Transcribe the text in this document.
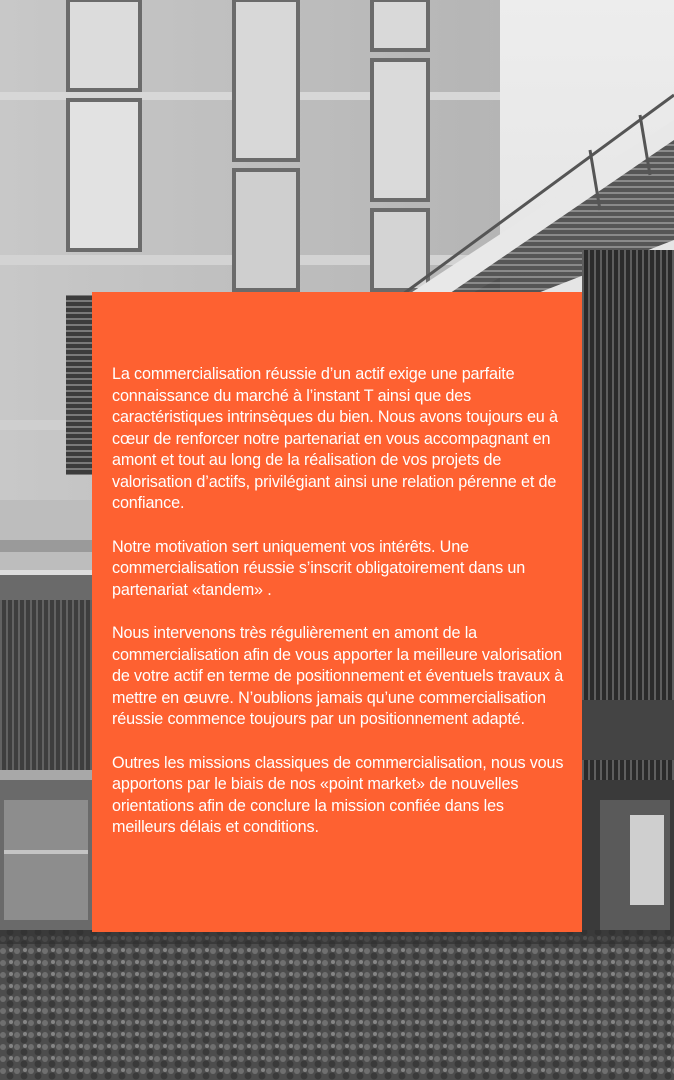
La commercialisation réussie d’un actif exige une parfaite connaissance du marché à l’instant T ainsi que des caractéristiques intrinsèques du bien. Nous avons toujours eu à cœur de renforcer notre partenariat en vous accompagnant en amont et tout au long de la réalisation de vos projets de valorisation d’actifs, privilégiant ainsi une relation pérenne et de confiance.

Notre motivation sert uniquement vos intérêts. Une commercialisation réussie s’inscrit obligatoirement dans un partenariat «tandem» .

Nous intervenons très régulièrement en amont de la commercialisation afin de vous apporter la meilleure valorisation de votre actif en terme de positionnement et éventuels travaux à mettre en œuvre. N’oublions jamais qu’une commercialisation réussie commence toujours par un positionnement adapté.

Outres les missions classiques de commercialisation, nous vous apportons par le biais de nos «point market» de nouvelles orientations afin de conclure la mission confiée dans les meilleurs délais et conditions.
